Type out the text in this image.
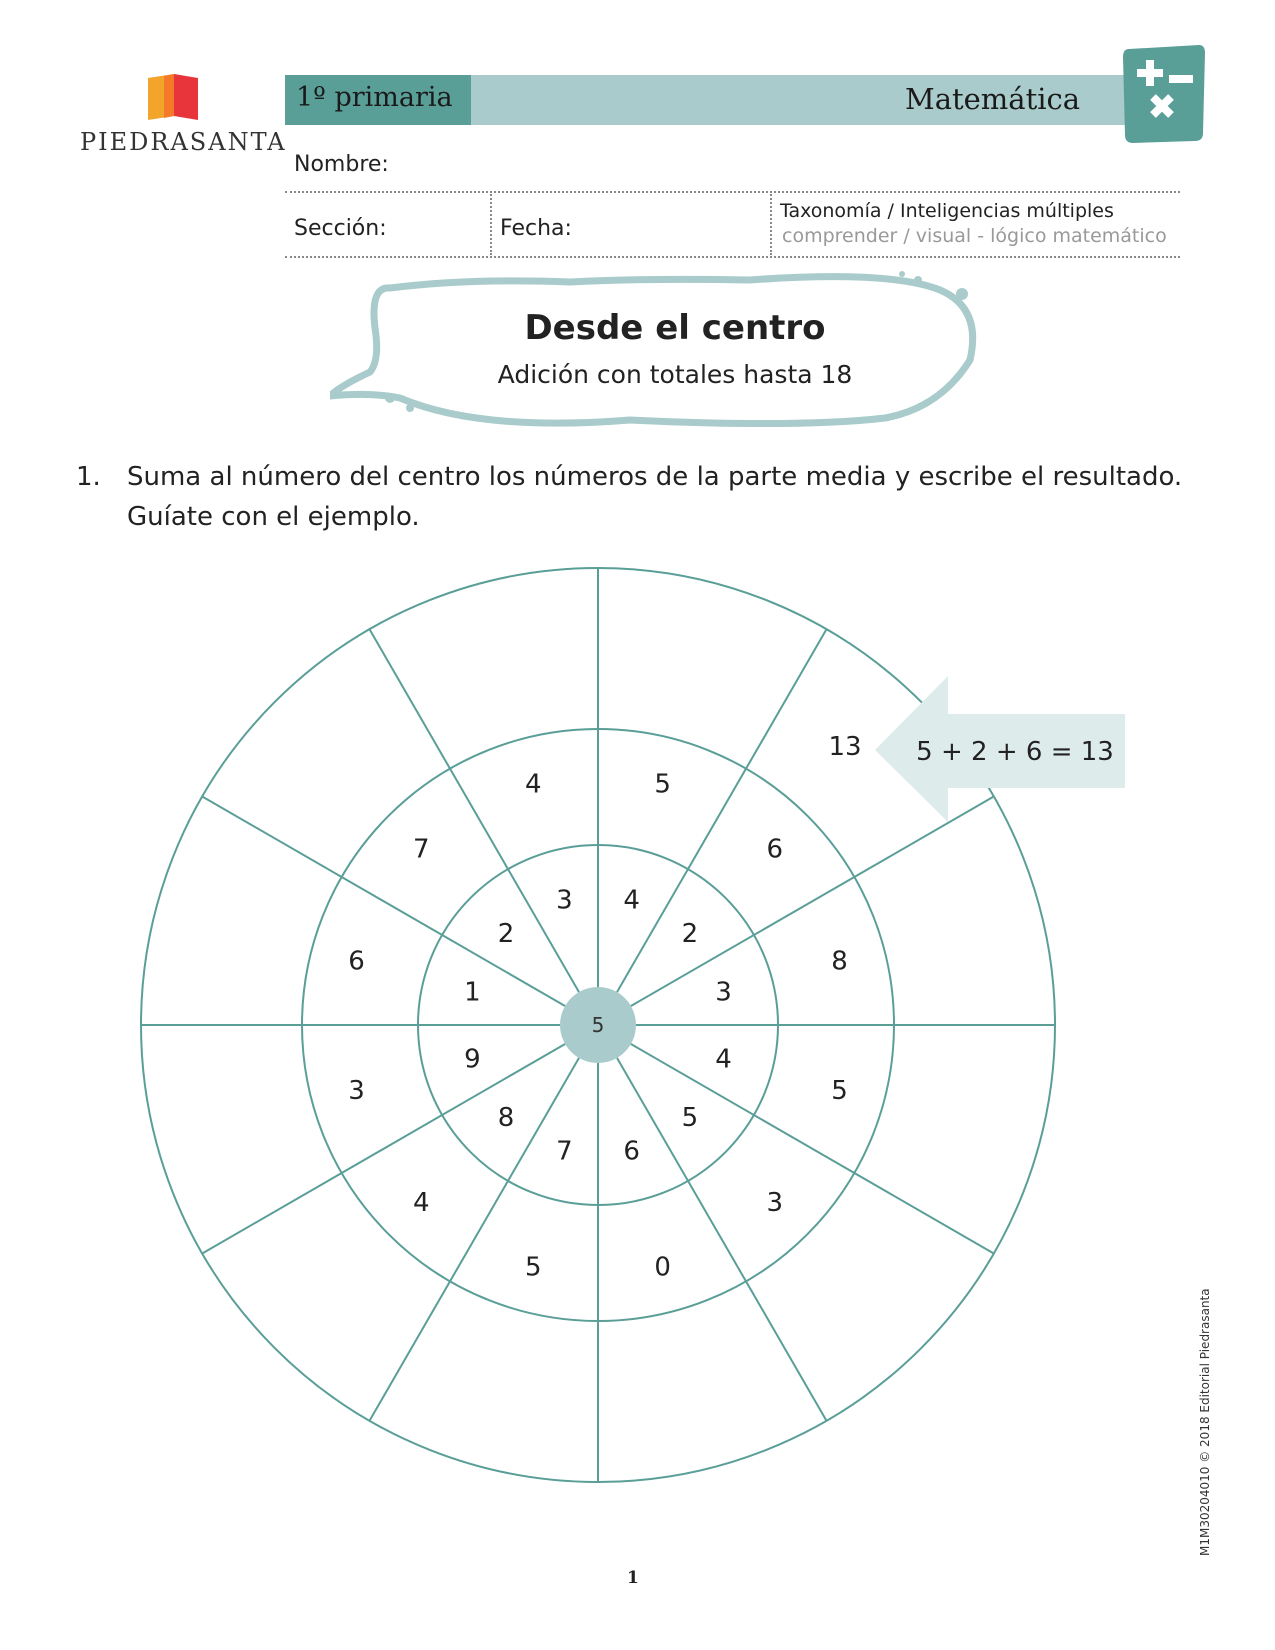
PIEDRASANTA
1º primaria	Matemática
Nombre:
Sección:	Fecha:
Taxonomía / Inteligencias múltiples
comprender / visual - lógico matemático
Desde el centro
Adición con totales hasta 18
1. Suma al número del centro los números de la parte media y escribe el resultado.
Guíate con el ejemplo.
5
4
2
3
4
5
6
7
8
9
1
2
3
5
6
8
5
3
0
5
4
3
6
7
4
13 5 + 2 + 6 = 13
1
M1M30204010 © 2018 Editorial Piedrasanta
